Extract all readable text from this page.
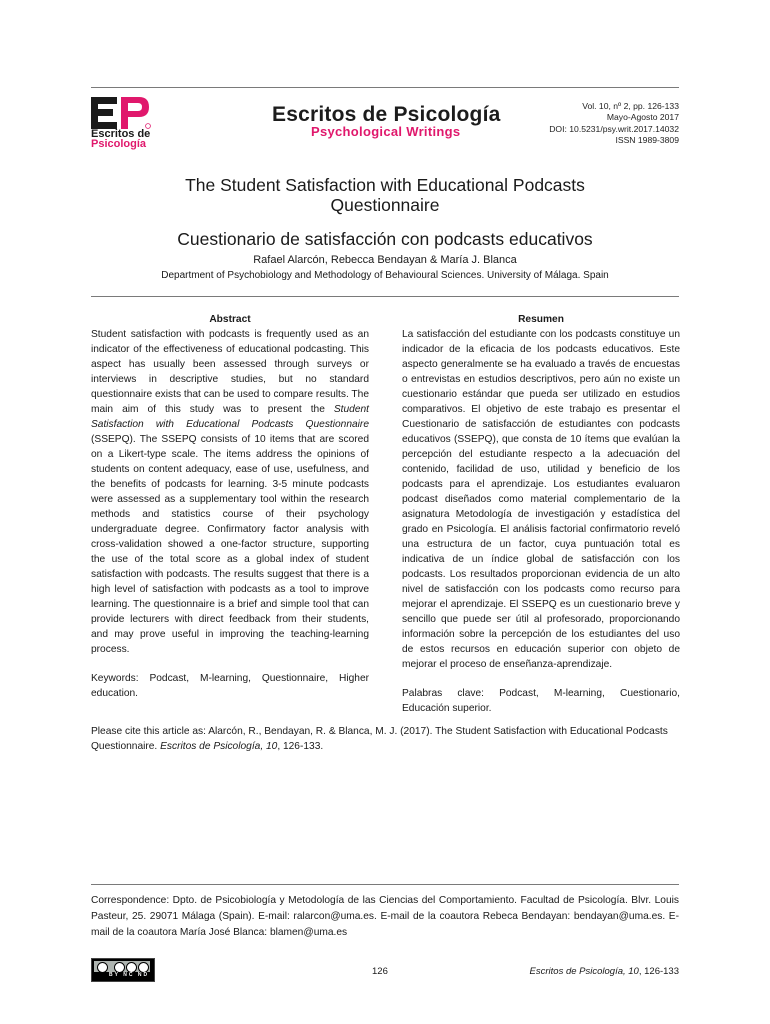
Escritos de
Psicología
Escritos de Psicología
Psychological Writings
Vol. 10, nº 2, pp. 126-133
Mayo-Agosto 2017
DOI: 10.5231/psy.writ.2017.14032
ISSN 1989-3809
The Student Satisfaction with Educational Podcasts
Questionnaire
Cuestionario de satisfacción con podcasts educativos
Rafael Alarcón, Rebecca Bendayan & María J. Blanca
Department of Psychobiology and Methodology of Behavioural Sciences. University of Málaga. Spain
Abstract

Student satisfaction with podcasts is frequently used as an indicator of the effectiveness of educational podcasting. This aspect has usually been assessed through surveys or interviews in descriptive studies, but no standard questionnaire exists that can be used to compare results. The main aim of this study was to present the Student Satisfaction with Educational Podcasts Questionnaire (SSEPQ). The SSEPQ consists of 10 items that are scored on a Likert-type scale. The items address the opinions of students on content adequacy, ease of use, usefulness, and the benefits of podcasts for learning. 3-5 minute podcasts were assessed as a supplementary tool within the research methods and statistics course of their psychology undergraduate degree. Confirmatory factor analysis with cross-validation showed a one-factor structure, supporting the use of the total score as a global index of student satisfaction with podcasts. The results suggest that there is a high level of satisfaction with podcasts as a tool to improve learning. The questionnaire is a brief and simple tool that can provide lecturers with direct feedback from their students, and may prove useful in improving the teaching-learning process.

Keywords: Podcast, M-learning, Questionnaire, Higher education.

Resumen

La satisfacción del estudiante con los podcasts constituye un indicador de la eficacia de los podcasts educativos. Este aspecto generalmente se ha evaluado a través de encuestas o entrevistas en estudios descriptivos, pero aún no existe un cuestionario estándar que pueda ser utilizado en estudios comparativos. El objetivo de este trabajo es presentar el Cuestionario de satisfacción de estudiantes con podcasts educativos (SSEPQ), que consta de 10 ítems que evalúan la percepción del estudiante respecto a la adecuación del contenido, facilidad de uso, utilidad y beneficio de los podcasts para el aprendizaje. Los estudiantes evaluaron podcast diseñados como material complementario de la asignatura Metodología de investigación y estadística del grado en Psicología. El análisis factorial confirmatorio reveló una estructura de un factor, cuya puntuación total es indicativa de un índice global de satisfacción con los podcasts. Los resultados proporcionan evidencia de un alto nivel de satisfacción con los podcasts como recurso para mejorar el aprendizaje. El SSEPQ es un cuestionario breve y sencillo que puede ser útil al profesorado, proporcionando información sobre la percepción de los estudiantes del uso de estos recursos en educación superior con objeto de mejorar el proceso de enseñanza-aprendizaje.

Palabras clave: Podcast, M-learning, Cuestionario, Educación superior.

Please cite this article as: Alarcón, R., Bendayan, R. & Blanca, M. J. (2017). The Student Satisfaction with Educational Podcasts Questionnaire. Escritos de Psicología, 10, 126-133.
Correspondence: Dpto. de Psicobiología y Metodología de las Ciencias del Comportamiento. Facultad de Psicología. Blvr. Louis Pasteur, 25. 29071 Málaga (Spain). E-mail: ralarcon@uma.es. E-mail de la coautora Rebeca Bendayan: bendayan@uma.es. E-mail de la coautora María José Blanca: blamen@uma.es
BY NC ND	126	Escritos de Psicología, 10, 126-133
